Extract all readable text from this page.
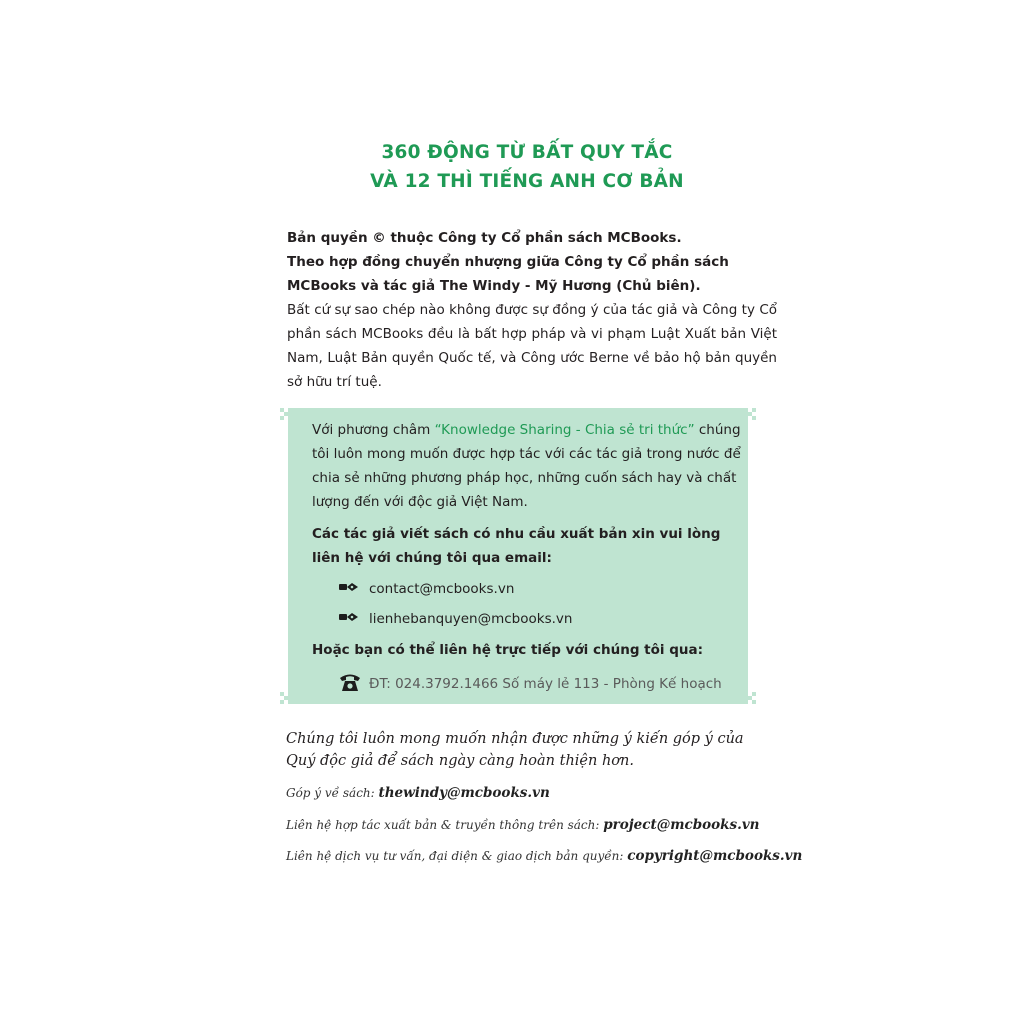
360 ĐỘNG TỪ BẤT QUY TẮC
VÀ 12 THÌ TIẾNG ANH CƠ BẢN
Bản quyền © thuộc Công ty Cổ phần sách MCBooks.
Theo hợp đồng chuyển nhượng giữa Công ty Cổ phần sách MCBooks và tác giả The Windy - Mỹ Hương (Chủ biên).
Bất cứ sự sao chép nào không được sự đồng ý của tác giả và Công ty Cổ phần sách MCBooks đều là bất hợp pháp và vi phạm Luật Xuất bản Việt Nam, Luật Bản quyền Quốc tế, và Công ước Berne về bảo hộ bản quyền sở hữu trí tuệ.
Với phương châm “Knowledge Sharing - Chia sẻ tri thức” chúng tôi luôn mong muốn được hợp tác với các tác giả trong nước để chia sẻ những phương pháp học, những cuốn sách hay và chất lượng đến với độc giả Việt Nam.
Các tác giả viết sách có nhu cầu xuất bản xin vui lòng liên hệ với chúng tôi qua email:
contact@mcbooks.vn
lienhebanquyen@mcbooks.vn
Hoặc bạn có thể liên hệ trực tiếp với chúng tôi qua:
ĐT: 024.3792.1466 Số máy lẻ 113 - Phòng Kế hoạch
Chúng tôi luôn mong muốn nhận được những ý kiến góp ý của Quý độc giả để sách ngày càng hoàn thiện hơn.
Góp ý về sách: thewindy@mcbooks.vn
Liên hệ hợp tác xuất bản & truyền thông trên sách: project@mcbooks.vn
Liên hệ dịch vụ tư vấn, đại diện & giao dịch bản quyền: copyright@mcbooks.vn
